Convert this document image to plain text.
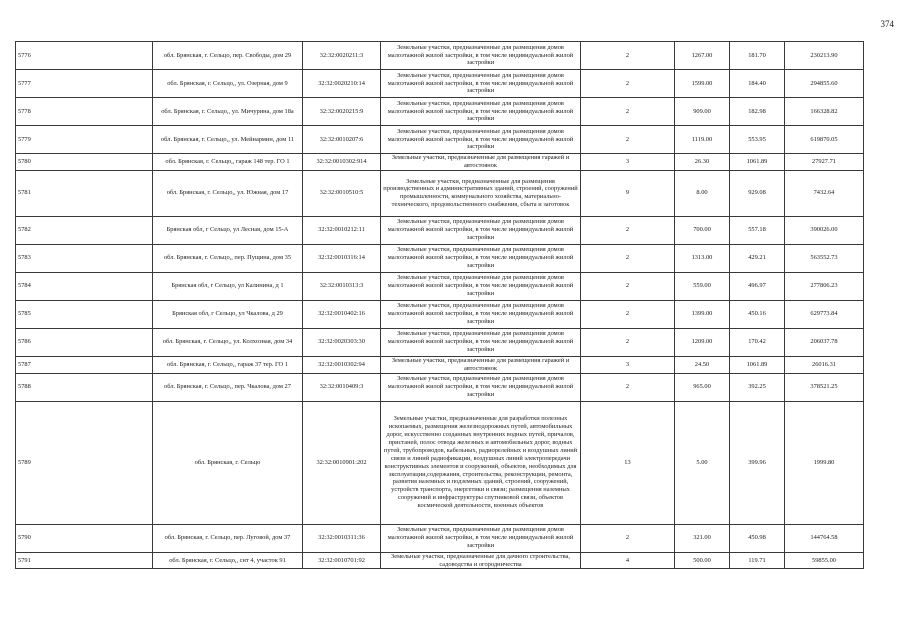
374
5776	обл. Брянская, г. Сельцо, пер. Свободы, дом 29	32:32:0020211:3	Земельные участки, предназначенные для размещения домов малоэтажной жилой застройки, в том числе индивидуальной жилой застройки	2	1267.00	181.70	230213.90
5777	обл. Брянская, г. Сельцо,, ул. Озерная, дом 9	32:32:0020210:14	Земельные участки, предназначенные для размещения домов малоэтажной жилой застройки, в том числе индивидуальной жилой застройки	2	1599.00	184.40	294855.60
5778	обл. Брянская, г. Сельцо,, ул. Мичурина, дом 18а	32:32:0020215:9	Земельные участки, предназначенные для размещения домов малоэтажной жилой застройки, в том числе индивидуальной жилой застройки	2	909.00	182.98	166328.82
5779	обл. Брянская, г. Сельцо,, ул. Мейнармин, дом 11	32:32:0010207:6	Земельные участки, предназначенные для размещения домов малоэтажной жилой застройки, в том числе индивидуальной жилой застройки	2	1119.00	553.95	619870.05
5780	обл. Брянская, г. Сельцо,, гараж 148 тер. ГО 1	32:32:0010302:914	Земельные участки, предназначенные для размещения гаражей и автостоянок	3	26.30	1061.89	27927.71
5781	обл. Брянская, г. Сельцо,, ул. Южная, дом 17	32:32:0010510:5	Земельные участки, предназначенные для размещения производственных и административных зданий, строений, сооружений промышленности, коммунального хозяйства, материально-технического, продовольственного снабжения, сбыта и заготовок	9	8.00	929.08	7432.64
5782	Брянская обл, г Сельцо, ул Лесная, дом 15-А	32:32:0010212:11	Земельные участки, предназначенные для размещения домов малоэтажной жилой застройки, в том числе индивидуальной жилой застройки	2	700.00	557.18	390026.00
5783	обл. Брянская, г. Сельцо,, пер. Пущина, дом 35	32:32:0010316:14	Земельные участки, предназначенные для размещения домов малоэтажной жилой застройки, в том числе индивидуальной жилой застройки	2	1313.00	429.21	563552.73
5784	Брянская обл, г Сельцо, ул Калинина, д 1	32:32:0010313:3	Земельные участки, предназначенные для размещения домов малоэтажной жилой застройки, в том числе индивидуальной жилой застройки	2	559.00	496.97	277806.23
5785	Брянская обл, г Сельцо, ул Чкалова, д 29	32:32:0010402:16	Земельные участки, предназначенные для размещения домов малоэтажной жилой застройки, в том числе индивидуальной жилой застройки	2	1399.00	450.16	629773.84
5786	обл. Брянская, г. Сельцо,, ул. Колхозная, дом 34	32:32:0020303:30	Земельные участки, предназначенные для размещения домов малоэтажной жилой застройки, в том числе индивидуальной жилой застройки	2	1209.00	170.42	206037.78
5787	обл. Брянская, г. Сельцо,, гараж 37 тер. ГО 1	32:32:0010302:94	Земельные участки, предназначенные для размещения гаражей и автостоянок	3	24.50	1061.89	26016.31
5788	обл. Брянская, г. Сельцо,, пер. Чкалова, дом 27	32:32:0010409:3	Земельные участки, предназначенные для размещения домов малоэтажной жилой застройки, в том числе индивидуальной жилой застройки	2	965.00	392.25	378521.25
5789	обл. Брянская, г. Сельцо	32:32:0010901:202	Земельные участки, предназначенные для разработки полезных ископаемых, размещения железнодорожных путей, автомобильных дорог, искусственно созданных внутренних водных путей, причалов, пристаней, полос отвода железных и автомобильных дорог, водных путей, трубопроводов, кабельных, радиорелейных и воздушных линий связи и линий радиофикации, воздушных линий электропередачи конструктивных элементов и сооружений, объектов, необходимых для эксплуатации,содержания, строительства, реконструкции, ремонта, развития наземных и подземных зданий, строений, сооружений, устройств транспорта, энергетики и связи; размещения наземных сооружений и инфраструктуры спутниковой связи, объектов космической деятельности, военных объектов	13	5.00	399.96	1999.80
5790	обл. Брянская, г. Сельцо, пер. Луговой, дом 37	32:32:0010311:36	Земельные участки, предназначенные для размещения домов малоэтажной жилой застройки, в том числе индивидуальной жилой застройки	2	321.00	450.98	144764.58
5791	обл. Брянская, г. Сельцо,, снт 4, участок 91	32:32:0010701:92	Земельные участки, предназначенные для дачного строительства, садоводства и огородничества	4	500.00	119.71	59855.00
